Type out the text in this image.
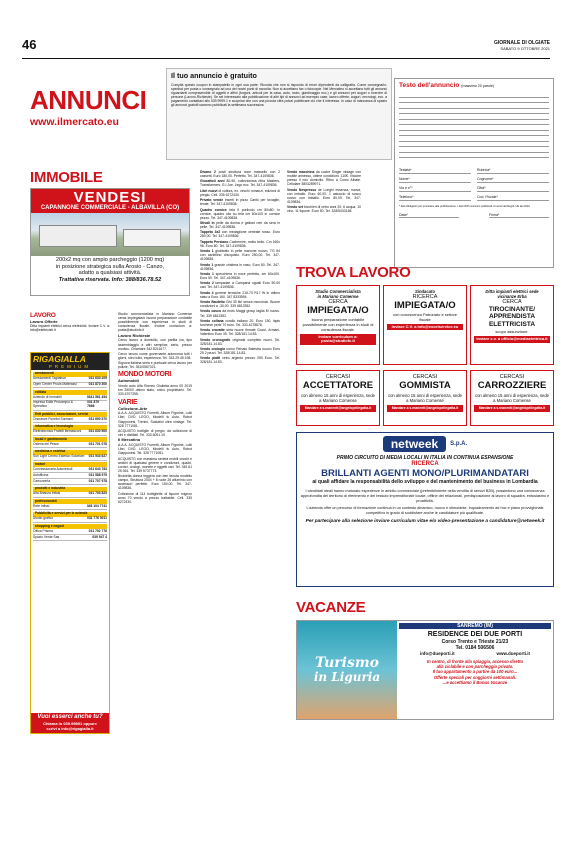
46	GIORNALE DI OLGIATE
SABATO 9 OTTOBRE 2021
ANNUNCI
www.ilmercato.eu
Il tuo annuncio è gratuito
Compila questo coupon in stampatello in ogni sua parte. Ricorda che non si rispondo di errori dipendenti da calligrafia. Come consegnarlo: spedisci per posta o consegnalo ad uno dei nostri punti di raccolta. Non si accettano fax o fotocopie. Nel Mercatino si accettano tutti gli annunci riguardanti compravendite di oggetti e affini (furgoni, articoli per la casa, auto, moto, giardinaggio ecc.) e gli annunci per auguri o ricerche di persone (Lavoro-Richieste). Se sei interessato alla pubblicazione di altri tipi di annunci ad esempio case, lavoro offerte, auguri, necrologi, ecc. a pagamento contattaci allo 039.9999.1 e scoprirai che con una piccola cifra potrai pubblicare ciò che ti interessa. In caso di mancanza di spazio gli annunci gratuiti saranno pubblicati la settimana successiva.
Testo dell'annuncio (massimo 20 parole)
Testata*	Rubrica*
Nome*	Cognome*
Via e n°*	Città*
Telefono*	Cod. Fiscale*
* dati obbligatori per procedere alla pubblicazione. I dati NON verranno pubblicati. Ai sensi del Regol. UE del 2016
Data*	Firma*
IMMOBILE
VENDESI
CAPANNONE COMMERCIALE - ALBAVILLA (CO)
200x2 mq con ampio parcheggio (1200 mq)
in posizione strategica sulla Arosio - Canzo,
adatto a qualsiasi attività.
Trattativa riservata. Info: 388/836.78.52
LAVORO
Lavoro Offerte

Ditta impianti elettrici cerca elettricisti. Inviare C.V. a: info@elettricisti.it

RIGAGIALLA
PREMIUM
arredamenti
Arredamenti Tagliabue	031 630.109
Open Center Prova Materassi	031 870 300
edilizia
Aziende di Immobili	0341 561 454
Impresa Edile Prosumpio & Spreafico
031 879 7666
Enti pubblici, associazioni, servizi
Onoranze Funebri Sormani	031 690 570
informatica e tecnologia
Elettrotecnica Fratelli Bernasconi 031 630 500
locali e gastronomia
Osteria del Pesce	031 701 078
medicina e estetica
Sun Light Centro Estetico Solarium 031 543 627
motori
Concessionaria Autoveicoli	031 643 783
Autofficina	031 588 975
Carrozzeria	031 707 978
prodotti e industria
Alta Brianza Infissi	031 703 823
professionisti
Rete Infissi	345 104 7741
Pubblicità e servizi per le aziende
Studio grafico	031 776 0011
shopping e negozi
Ottica Prisma	031 792 776
Spazio Verde Sas	039 947 4
Vuoi esserci anche tu?
Chiama lo 039.99891 oppure
scrivi a info@rigagialla.it

Studio commercialista in Mariano Comense cerca impiegata/o buona preparazione contabile possibilmente con esperienza in studi di consulenza fiscale. Inviare curriculum a: posta@studiofc.it

Lavoro Richieste

Cerco lavoro a domicilio, con partita iva, tipo assemblaggio e altri semplice, serio, prezzo modico. Chiamare 342.8211677.

Cerco lavoro come governante autonoma tutti i giorni, stiro tutto, esperienza. Tel. 333.29.45.198.

Signora italiana seria e puntuale cerca lavoro per pulizie. Tel. 351/0567021.

MONDO MOTORI
Automobili

Vendo auto Alfa Romeo Giulietta anno 09 2019 km 25000 ottimo stato, unico proprietario. Tel. 333 6707395.

VARIE
Collezione-Arte

A.A.A. ACQUISTO Fumetti, Album Figurine, Lotti Libri, DVD, LEGO, Modelli fu Auto, Robot Giapponesi, Trenini, Soldatini ultra vintage. Tel. 328 7771081.

ACQUISTO bottiglie di pregio, da collezione di vini e distillati. Tel. 333 6051.19

Il Mercatino

A.A.A. ACQUISTO Fumetti, Album Figurine, Lotti Libri, DVD, LEGO, Modelli fu Auto, Robot Giapponesi. Tel. 328 7771081.

ACQUISTO con massima serietà mobili vecchi e antichi di qualsiasi genere e condizioni, quadri, cornici, orologi, monete e oggetti vari. Tel. 349 61 25.061. Tel. 339 6737773.

Bicicletta donna leggera con ben tenuta modello campo, Struttura 2004 + 8 ruote 26 alluminio con accessori perfette. Euro 150.00. Tel. 347-4109836.

Collezione di 114 bottigliette di liquore mignon anno 70 vendo a prezzo trattabile. Cell. 335 6272430.

Divano 2 posti struttura noce massello con 2 cassetti. Euro 180,00. Perfetto. Tel. 347-4109836.

Giocattoli anni 80-90, collezionista ritira Masters, Transformers, G.I.Joe, Lego ecc. Tel. 347-4109836.

Libri nuovi di cultura, ex. vecchi romanzi, edizioni di pregio. Cell. 335 6272430.

Privato vende inserti in pizzo Cantù per tovaglie, tende. Tel. 347-4109836.

Quadro cornice tela il porticolo cm 80x80. In cornice, quadro olio su tela cm 60x100 in cornice pezzo. Tel. 347-4109836.

Stivali in pelle da donna e gattoni neri da sera in pelle. Tel. 347-4109836.

Tappeto 3x2 con medaglione centrale rosso. Euro 280,00. Tel. 347-4109836.

Tappeto Persiano Cachemire, molto bello. Cm 160x 96. Euro 80. Tel. 347-4109836.

Vendo 1 giubbotto in pelle marrone nuovo, TG 54 con cartellino d'acquisto. Euro 250,00. Tel. 347-4109836.

Vendo 1 grande cristiera in vaso. Euro 50. Tel. 347-4109836.

Vendo 1 specchiera in noce perfetta, cm 60x100. Euro 50. Tel. 347-4109836.

Vendo 2 lampadari a Campana uguali Euro 50,00 cad. Tel. 347-4109836.

Vendo 4 gomme termiche 215-70 R17 W in ottimo stato a Euro 160. 347 8333594.

Vendo Bauletto Givi 30 litri senza monolock. Buone condizioni a -30,00. 339 6813352.

Vendo casco da moto Maggi group taglia M nuovo. Tel. 339 6813352.

Vendo collana corallo indiano 20. Euro 150, lapis turchese perle 70 euro. Tel. 333.4278878.

Vendo cravatte seta nuove firmate Gucci, Armani, Valentino Euro 35. Tel. 328/181.14.83.

Vendo cronografo originale completo nuovi. Tel. 328/181.14.83.

Vendo orologio uomo Renato Balestra nuovo Euro 25 2 pezzi. Tel. 328/181.14.83.

Vendo piatti vetro argento prezzo 250 Euro. Tel. 328/181.14.83.

Vendo macchina da cucire Singer vintage con mobile annesso, ottime condizioni. 110€. Visione presso il mio domicilio. Ritiro a Como Albate. Cellulare 3803289971.

Vendo Nespresso de Longhi essenza, nuova, con imballo. Euro 60,00. 1 astuccio di succo nuovo con imballo. Euro 80,00. Tel. 347-4109836.

Vendo set bicchieri di vetro anni 20: 6 acqua, 10 vino. 11 liquore. Euro 50. Tel. 328/5433168.

TROVA LAVORO
Studio Commercialista
in Mariano Comense
CERCA
IMPIEGATA/O
buona preparazione contabile possibilmente con esperienza in studi di consulenza fiscale.
Inviare curriculum a: posta@studiofc.it
Sindacato
RICERCA
IMPIEGATA/O
con conoscenza Patronato e settore fiscale
Inviare C.V. a info@excelservice.eu
Ditta impianti elettrici sede
vicinanze Erba
CERCA
TIROCINANTE/ APPRENDISTA ELETTRICISTA
scopo assunzione.
Inviare c.v. a ufficio@mediaelettrica.it
CERCASI
ACCETTATORE
con almeno 15 anni di esperienza, sede a Mariano Comense
Mandare a s.manenti@angelopellegatta.it
CERCASI
GOMMISTA
con almeno 15 anni di esperienza, sede a Mariano Comense
Mandare a s.manenti@angelopellegatta.it
CERCASI
CARROZZIERE
con almeno 15 anni di esperienza, sede a Mariano Comense
Mandare a s.manenti@angelopellegatta.it
netweek	S.p.A.
PRIMO CIRCUITO DI MEDIA LOCALI IN ITALIA IN CONTINUA ESPANSIONE
RICERCA
BRILLANTI AGENTI MONO/PLURIMANDATARI
ai quali affidare la responsabilità dello sviluppo e del mantenimento del business in Lombardia
I candidati ideali hanno maturato esperienze in ambito commerciale (preferibilmente nella vendita di servizi B2B), possiedono una conoscenza approfondita del territorio di riferimento e dei tessuto imprenditoriale locale, offline del relazionali, predisposizione al lavoro di squadra, entusiasmo e proattività.
L'azienda offre un percorso di formazione continua in un contesto dinamico, nuovo e stimolante. Inquadramento ad hoc e piano provvigionale competitivo in grado di soddisfare anche le candidature più qualificate.
Per partecipare alla selezione inviare curriculum vitae e/o video-presentazione a candidature@netweek.it
VACANZE
Turismo
in Liguria
SANREMO (IM)
RESIDENCE DEI DUE PORTI
Corso Trento e Trieste 21/23
Tel. 0184 506506
info@dueporti.it	www.dueporti.it
In centro, di fronte alla spiaggia, accesso diretto
alla ciclabile e con parcheggio privato.
Il tuo appartamento a partire da 100 euro...
Offerte speciali per soggiorni settimanali.
...e accettiamo il Bonus Vacanze
